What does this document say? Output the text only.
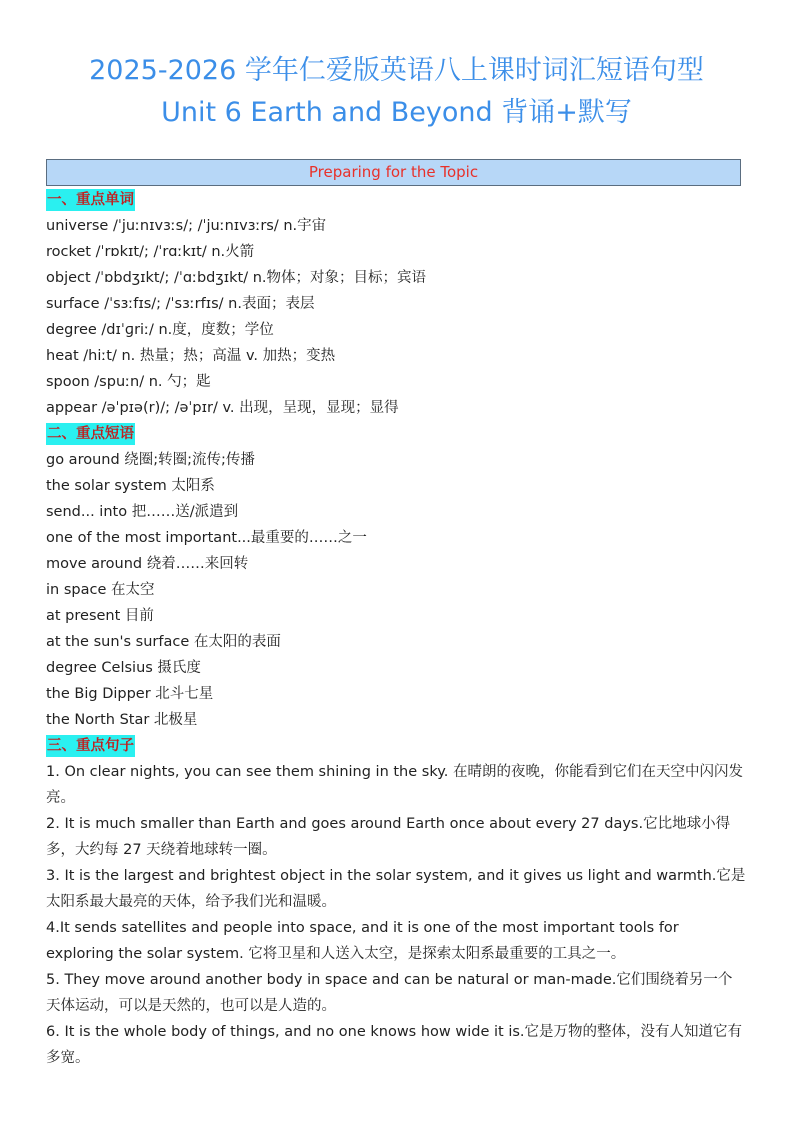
2025-2026 学年仁爱版英语八上课时词汇短语句型
Unit 6 Earth and Beyond 背诵+默写
Preparing for the Topic
一、重点单词
universe /ˈjuːnɪvɜːs/; /ˈjuːnɪvɜːrs/ n.宇宙
rocket /ˈrɒkɪt/; /ˈrɑːkɪt/ n.火箭
object /ˈɒbdʒɪkt/; /ˈɑːbdʒɪkt/ n.物体；对象；目标；宾语
surface /ˈsɜːfɪs/; /ˈsɜːrfɪs/ n.表面；表层
degree /dɪˈɡriː/ n.度，度数；学位
heat /hiːt/ n. 热量；热；高温 v. 加热；变热
spoon /spuːn/ n. 勺；匙
appear /əˈpɪə(r)/; /əˈpɪr/ v. 出现，呈现，显现；显得
二、重点短语
go around 绕圈;转圈;流传;传播
the solar system 太阳系
send... into 把……送/派遣到
one of the most important...最重要的……之一
move around 绕着……来回转
in space 在太空
at present 目前
at the sun's surface 在太阳的表面
degree Celsius 摄氏度
the Big Dipper 北斗七星
the North Star 北极星
三、重点句子
1. On clear nights, you can see them shining in the sky. 在晴朗的夜晚，你能看到它们在天空中闪闪发亮。
2. It is much smaller than Earth and goes around Earth once about every 27 days.它比地球小得多，大约每 27 天绕着地球转一圈。
3. It is the largest and brightest object in the solar system, and it gives us light and warmth.它是太阳系最大最亮的天体，给予我们光和温暖。
4.It sends satellites and people into space, and it is one of the most important tools for exploring the solar system. 它将卫星和人送入太空，是探索太阳系最重要的工具之一。
5. They move around another body in space and can be natural or man-made.它们围绕着另一个天体运动，可以是天然的，也可以是人造的。
6. It is the whole body of things, and no one knows how wide it is.它是万物的整体，没有人知道它有多宽。
